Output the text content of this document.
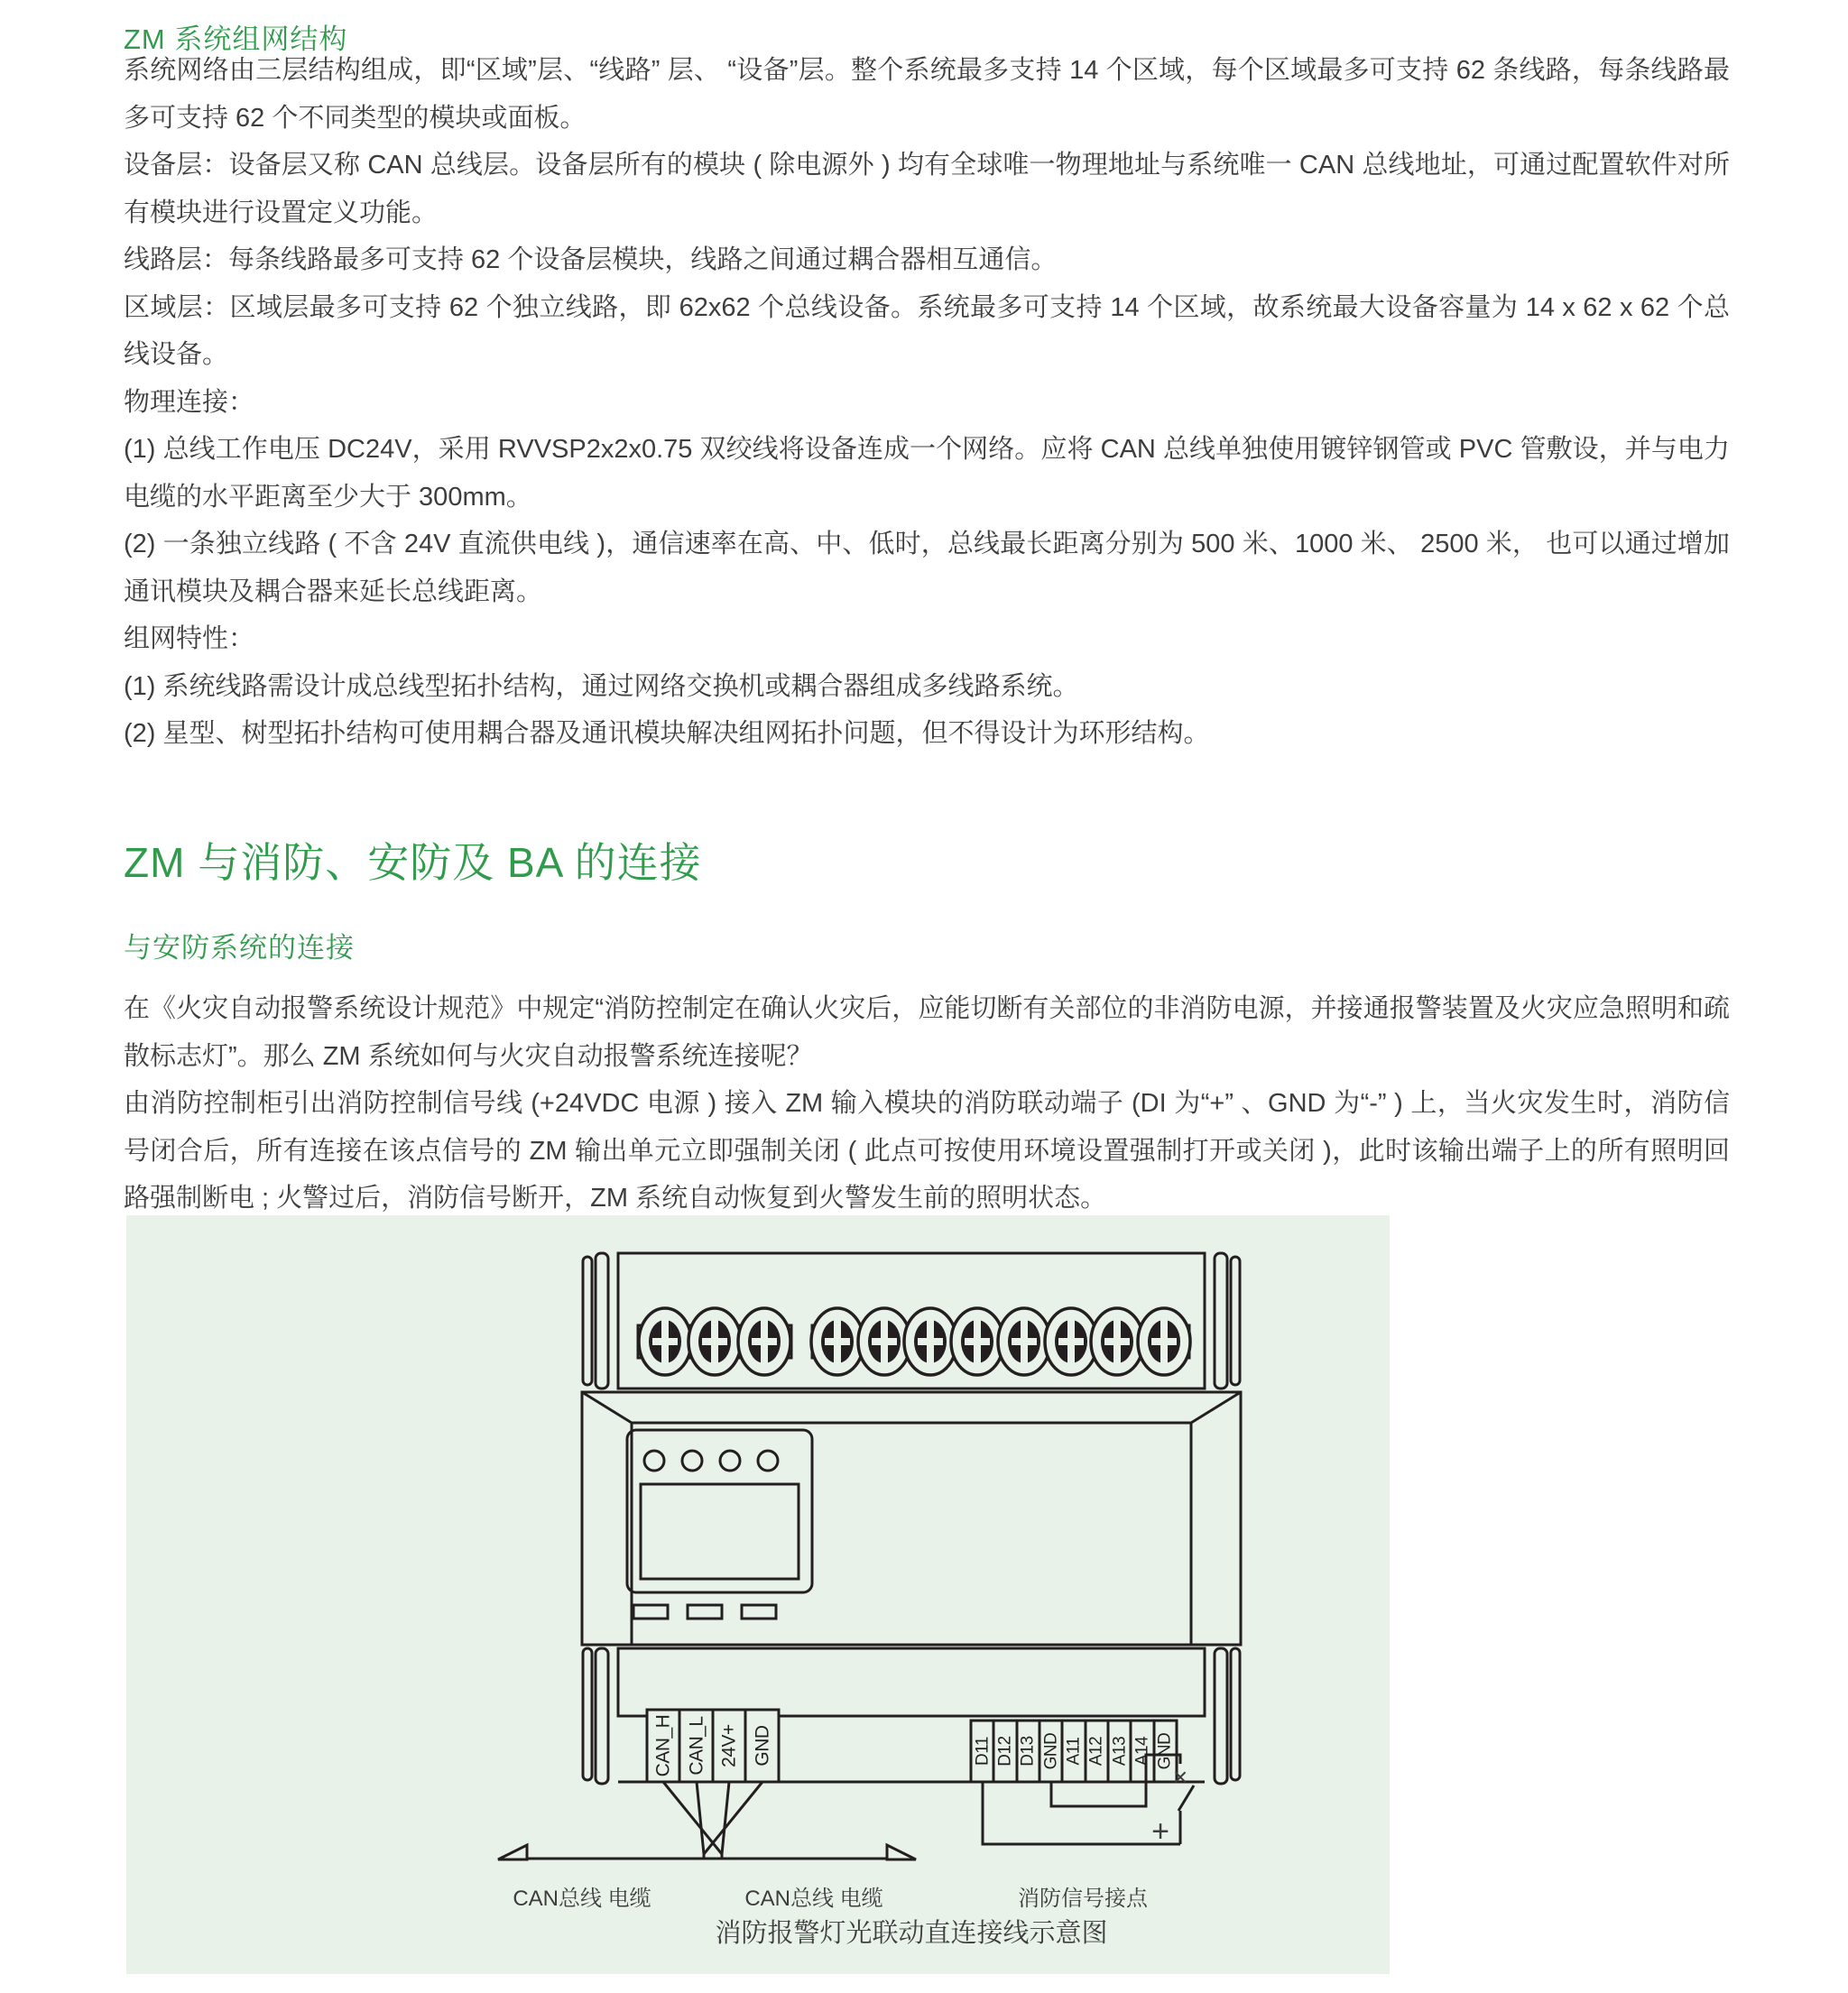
ZM 系统组网结构

系统网络由三层结构组成，即“区域”层、“线路” 层、 “设备”层。整个系统最多支持 14 个区域，每个区域最多可支持 62 条线路，每条线路最多可支持 62 个不同类型的模块或面板。

设备层：设备层又称 CAN 总线层。设备层所有的模块 ( 除电源外 ) 均有全球唯一物理地址与系统唯一 CAN 总线地址，可通过配置软件对所有模块进行设置定义功能。

线路层：每条线路最多可支持 62 个设备层模块，线路之间通过耦合器相互通信。

区域层：区域层最多可支持 62 个独立线路，即 62x62 个总线设备。系统最多可支持 14 个区域，故系统最大设备容量为 14 x 62 x 62 个总线设备。

物理连接：

(1) 总线工作电压 DC24V，采用 RVVSP2x2x0.75 双绞线将设备连成一个网络。应将 CAN 总线单独使用镀锌钢管或 PVC 管敷设，并与电力电缆的水平距离至少大于 300mm。

(2) 一条独立线路 ( 不含 24V 直流供电线 )，通信速率在高、中、低时，总线最长距离分别为 500 米、1000 米、 2500 米， 也可以通过增加通讯模块及耦合器来延长总线距离。

组网特性：

(1) 系统线路需设计成总线型拓扑结构，通过网络交换机或耦合器组成多线路系统。

(2) 星型、树型拓扑结构可使用耦合器及通讯模块解决组网拓扑问题，但不得设计为环形结构。

ZM 与消防、安防及 BA 的连接
与安防系统的连接

在《火灾自动报警系统设计规范》中规定“消防控制定在确认火灾后，应能切断有关部位的非消防电源，并接通报警装置及火灾应急照明和疏散标志灯”。那么 ZM 系统如何与火灾自动报警系统连接呢？

由消防控制柜引出消防控制信号线 (+24VDC 电源 ) 接入 ZM 输入模块的消防联动端子 (DI 为“+” 、GND 为“-” ) 上，当火灾发生时，消防信号闭合后，所有连接在该点信号的 ZM 输出单元立即强制关闭 ( 此点可按使用环境设置强制打开或关闭 )，此时该输出端子上的所有照明回路强制断电 ; 火警过后，消防信号断开，ZM 系统自动恢复到火警发生前的照明状态。

CAN_H CAN_L 24V+ GND	D11 D12 D13 GND A11 A12 A13 A14 GND
×
+
CAN总线 电缆	CAN总线 电缆	消防信号接点
消防报警灯光联动直连接线示意图
